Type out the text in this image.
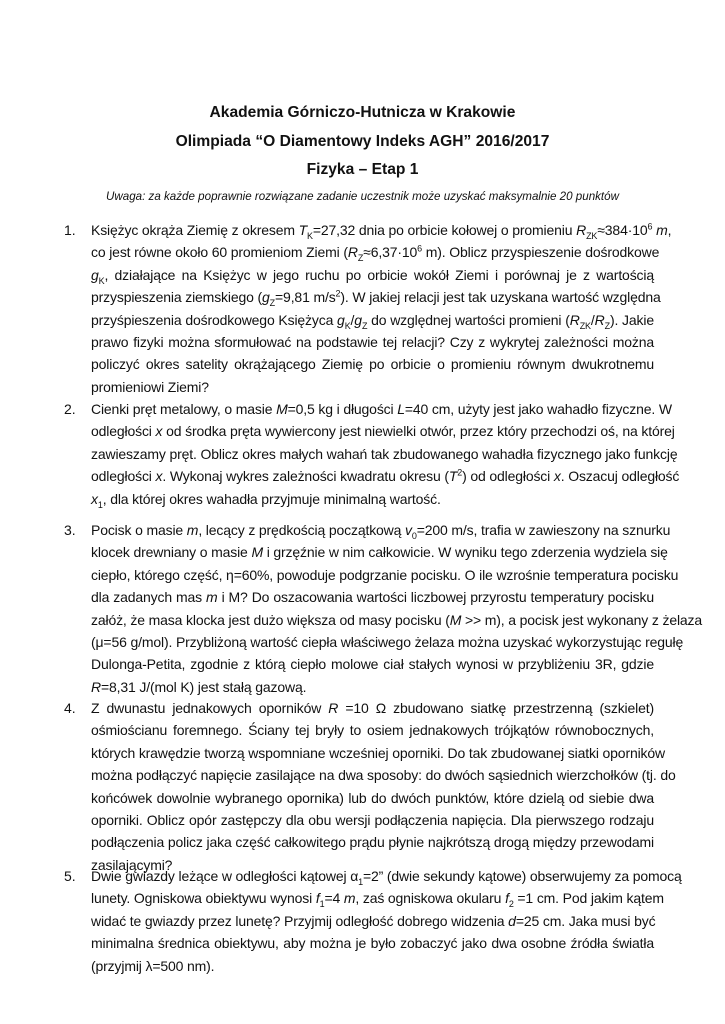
Akademia Górniczo-Hutnicza w Krakowie
Olimpiada “O Diamentowy Indeks AGH” 2016/2017
Fizyka – Etap 1
Uwaga: za każde poprawnie rozwiązane zadanie uczestnik może uzyskać maksymalnie 20 punktów
1. Księżyc okrąża Ziemię z okresem $T_K=27,32$ dnia po orbicie kołowej o promieniu $R_{ZK}\approx 384\cdot 10^6$ m,
co jest równe około 60 promieniom Ziemi ($R_Z\approx 6,37\cdot 10^6$ m). Oblicz przyspieszenie dośrodkowe
$g_K$, działające na Księżyc w jego ruchu po orbicie wokół Ziemi i porównaj je z wartością
przyspieszenia ziemskiego ($g_Z=9,81$ $m/s^2$). W jakiej relacji jest tak uzyskana wartość względna
przyśpieszenia dośrodkowego Księżyca $g_K/g_Z$ do względnej wartości promieni $(R_{ZK}/R_Z)$. Jakie
prawo fizyki można sformułować na podstawie tej relacji? Czy z wykrytej zależności można
policzyć okres satelity okrążającego Ziemię po orbicie o promieniu równym dwukrotnemu
promieniowi Ziemi?
2. Cienki pręt metalowy, o masie M=0,5 kg i długości L=40 cm, użyty jest jako wahadło fizyczne. W
odległości x od środka pręta wywiercony jest niewielki otwór, przez który przechodzi oś, na której
zawieszamy pręt. Oblicz okres małych wahań tak zbudowanego wahadła fizycznego jako funkcję
odległości x. Wykonaj wykres zależności kwadratu okresu $(T^2)$ od odległości x. Oszacuj odległość
$x_1$, dla której okres wahadła przyjmuje minimalną wartość.
3. Pocisk o masie m, lecący z prędkością początkową $v_0=200$ m/s, trafia w zawieszony na sznurku
klocek drewniany o masie M i grzęźnie w nim całkowicie. W wyniku tego zderzenia wydziela się
ciepło, którego część, η=60%, powoduje podgrzanie pocisku. O ile wzrośnie temperatura pocisku
dla zadanych mas m i M? Do oszacowania wartości liczbowej przyrostu temperatury pocisku
załóż, że masa klocka jest dużo większa od masy pocisku (M >> m), a pocisk jest wykonany z żelaza
(μ=56 g/mol). Przybliżoną wartość ciepła właściwego żelaza można uzyskać wykorzystując regułę
Dulonga-Petita, zgodnie z którą ciepło molowe ciał stałych wynosi w przybliżeniu 3R, gdzie
R=8,31 J/(mol K) jest stałą gazową.
4. Z dwunastu jednakowych oporników R =10 Ω zbudowano siatkę przestrzenną (szkielet)
ośmiościanu foremnego. Ściany tej bryły to osiem jednakowych trójkątów równobocznych,
których krawędzie tworzą wspomniane wcześniej oporniki. Do tak zbudowanej siatki oporników
można podłączyć napięcie zasilające na dwa sposoby: do dwóch sąsiednich wierzchołków (tj. do
końcówek dowolnie wybranego opornika) lub do dwóch punktów, które dzielą od siebie dwa
oporniki. Oblicz opór zastępczy dla obu wersji podłączenia napięcia. Dla pierwszego rodzaju
podłączenia policz jaka część całkowitego prądu płynie najkrótszą drogą między przewodami
zasilającymi?
5. Dwie gwiazdy leżące w odległości kątowej $\alpha_1=2$” (dwie sekundy kątowe) obserwujemy za pomocą
lunety. Ogniskowa obiektywu wynosi $f_1=4$ m, zaś ogniskowa okularu $f_2 =1$ cm. Pod jakim kątem
widać te gwiazdy przez lunetę? Przyjmij odległość dobrego widzenia d=25 cm. Jaka musi być
minimalna średnica obiektywu, aby można je było zobaczyć jako dwa osobne źródła światła
(przyjmij λ=500 nm).
